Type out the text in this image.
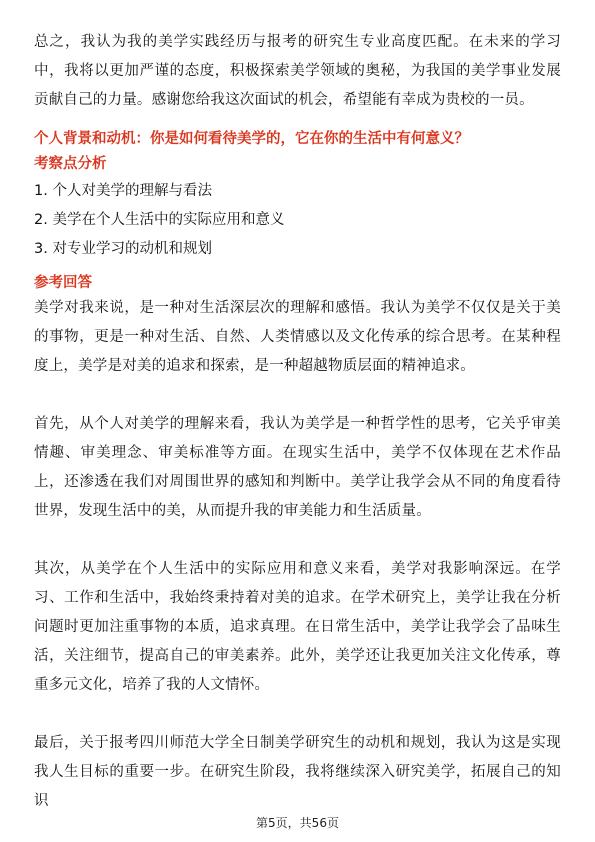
总之，我认为我的美学实践经历与报考的研究生专业高度匹配。在未来的学习中，我将以更加严谨的态度，积极探索美学领域的奥秘，为我国的美学事业发展贡献自己的力量。感谢您给我这次面试的机会，希望能有幸成为贵校的一员。

个人背景和动机：你是如何看待美学的，它在你的生活中有何意义？
考察点分析
1. 个人对美学的理解与看法
2. 美学在个人生活中的实际应用和意义
3. 对专业学习的动机和规划
参考回答

美学对我来说，是一种对生活深层次的理解和感悟。我认为美学不仅仅是关于美的事物，更是一种对生活、自然、人类情感以及文化传承的综合思考。在某种程度上，美学是对美的追求和探索，是一种超越物质层面的精神追求。

首先，从个人对美学的理解来看，我认为美学是一种哲学性的思考，它关乎审美情趣、审美理念、审美标准等方面。在现实生活中，美学不仅体现在艺术作品上，还渗透在我们对周围世界的感知和判断中。美学让我学会从不同的角度看待世界，发现生活中的美，从而提升我的审美能力和生活质量。

其次，从美学在个人生活中的实际应用和意义来看，美学对我影响深远。在学习、工作和生活中，我始终秉持着对美的追求。在学术研究上，美学让我在分析问题时更加注重事物的本质，追求真理。在日常生活中，美学让我学会了品味生活，关注细节，提高自己的审美素养。此外，美学还让我更加关注文化传承，尊重多元文化，培养了我的人文情怀。

最后，关于报考四川师范大学全日制美学研究生的动机和规划，我认为这是实现我人生目标的重要一步。在研究生阶段，我将继续深入研究美学，拓展自己的知识

第5页，共56页
